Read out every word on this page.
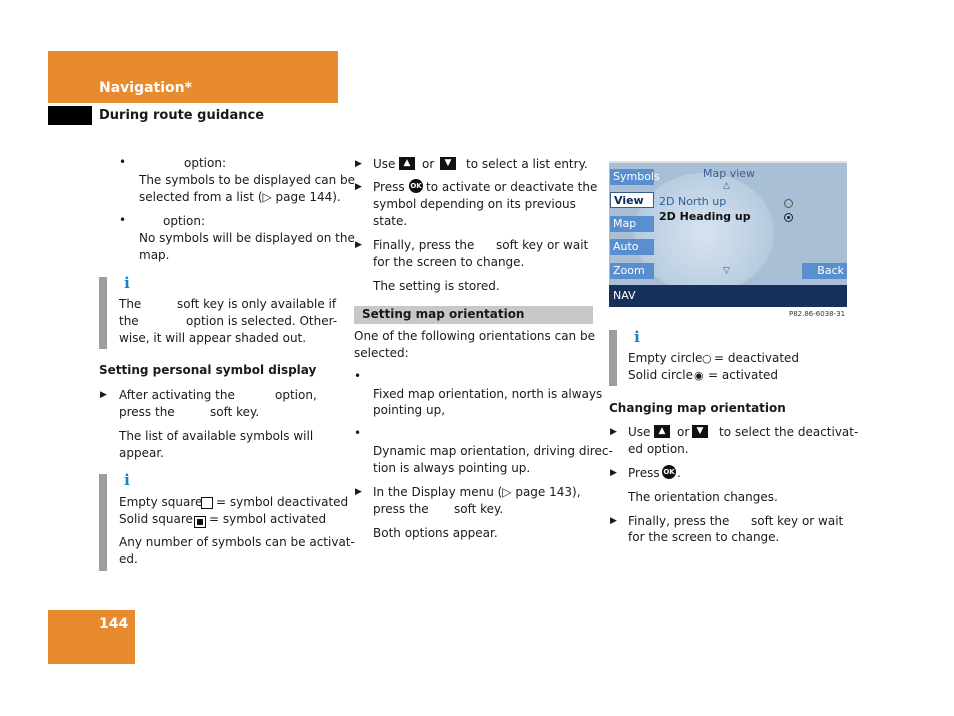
Navigation*
During route guidance
•	option:
The symbols to be displayed can be
selected from a list (▷ page 144).
•	option:
No symbols will be displayed on the
map.
i
The	soft key is only available if
the	option is selected. Other-
wise, it will appear shaded out.
Setting personal symbol display
▶ After activating the	option,
press the	soft key.
The list of available symbols will
appear.
i
Empty square = symbol deactivated
Solid square = symbol activated
Any number of symbols can be activat-
ed.
▶ Use ▲ or	▼	to select a list entry.
▶ Press OK to activate or deactivate the
symbol depending on its previous
state.
▶ Finally, press the soft key or wait
for the screen to change.
The setting is stored.
Setting map orientation
One of the following orientations can be
selected:
•
Fixed map orientation, north is always
pointing up,
•
Dynamic map orientation, driving direc-
tion is always pointing up.
▶ In the Display menu (▷ page 143),
press the soft key.
Both options appear.
Symbols
View
Map
Auto
Zoom
Map view
△
2D North up
2D Heading up
▽	Back
NAV
P82.86-6038-31
i
Empty circle ○ = deactivated
Solid circle ◉ = activated
Changing map orientation
▶ Use ▲ or ▼	to select the deactivat-
ed option.
▶ Press OK .
The orientation changes.
▶ Finally, press the soft key or wait
for the screen to change.
144
